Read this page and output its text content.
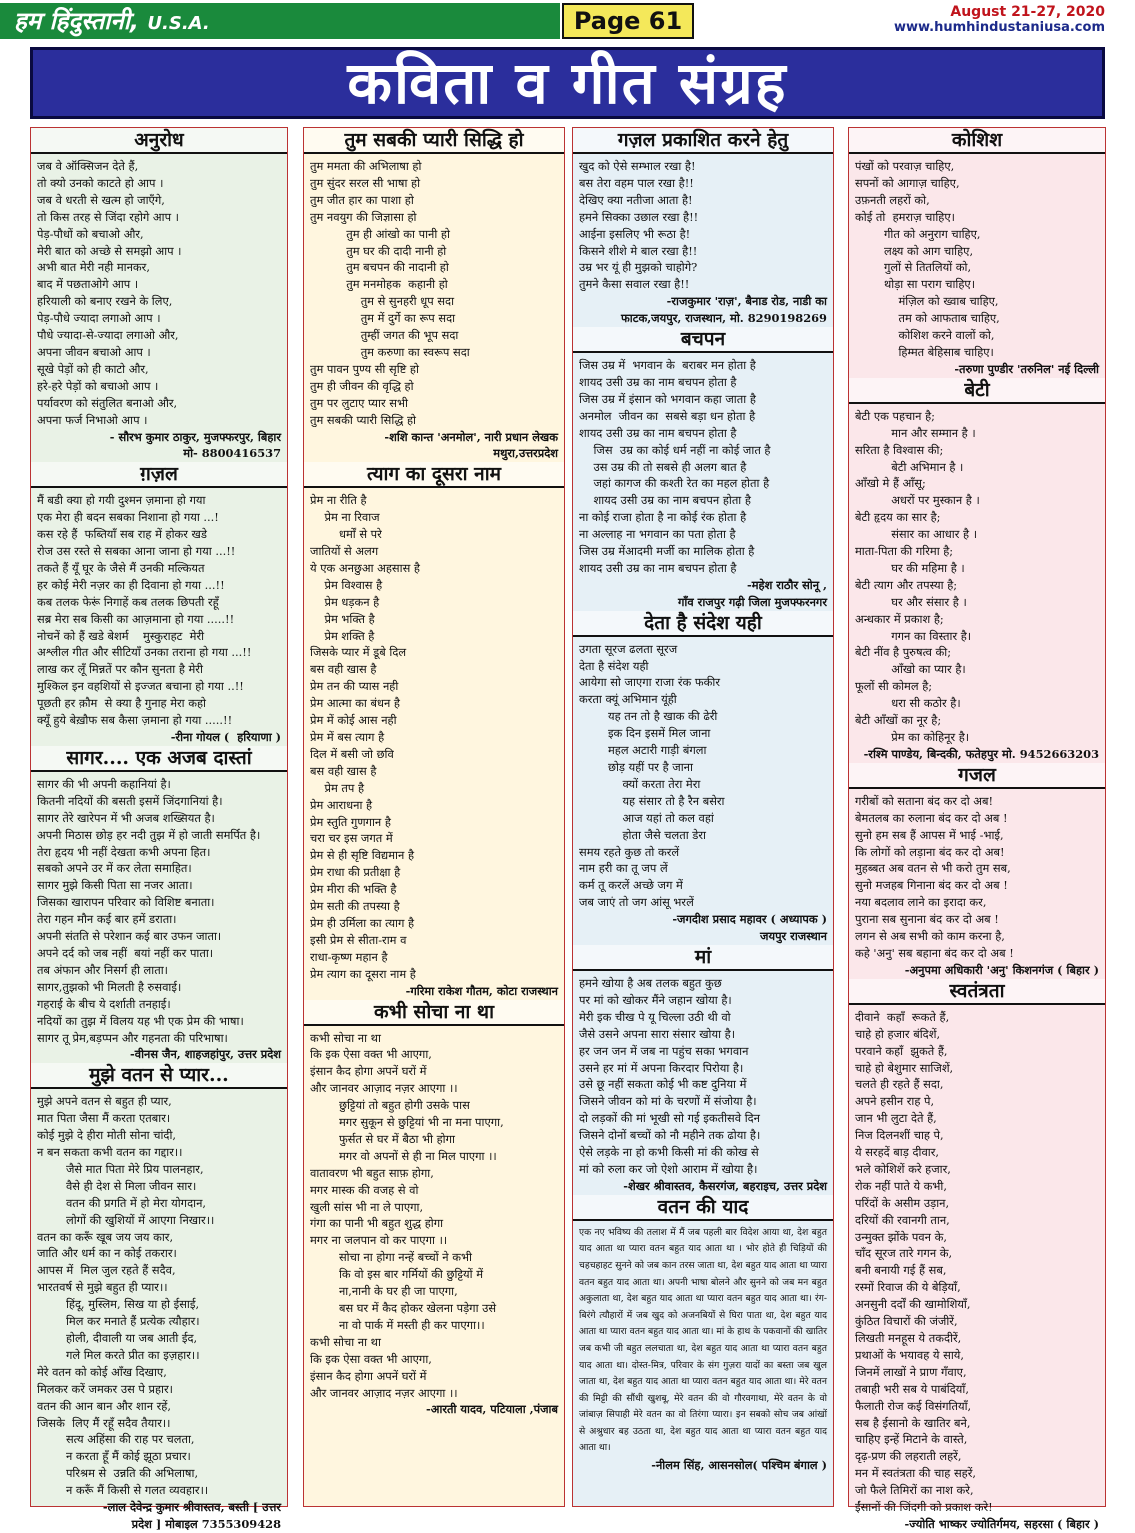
हम हिंदुस्तानी, U.S.A.	Page 61	August 21-27, 2020
www.humhindustaniusa.com
कविता व गीत संग्रह
अनुरोध
जब वे ऑक्सिजन देते हैं,
तो क्यो उनको काटते हो आप ।
जब वे धरती से खत्म हो जाएँगे,
तो किस तरह से जिंदा रहोगे आप ।
पेड़-पौधों को बचाओ और,
मेरी बात को अच्छे से समझो आप ।
अभी बात मेरी नही मानकर,
बाद में पछताओगे आप ।
हरियाली को बनाए रखने के लिए,
पेड़-पौधे ज्यादा लगाओ आप ।
पौधे ज्यादा-से-ज्यादा लगाओ और,
अपना जीवन बचाओ आप ।
सूखे पेड़ों को ही काटो और,
हरे-हरे पेड़ों को बचाओ आप ।
पर्यावरण को संतुलित बनाओ और,
अपना फर्ज निभाओ आप ।
- सौरभ कुमार ठाकुर, मुजफ्फरपुर, बिहार
मो- 8800416537
ग़ज़ल
मैं बडी क्या हो गयी दुश्मन ज़माना हो गया
एक मेरा ही बदन सबका निशाना हो गया ...!
कस रहे हैं  फब्तियाँ सब राह में होकर खडे
रोज उस रस्ते से सबका आना जाना हो गया ...!!
तकते हैं यूँ घूर के जैसे मैं उनकी मल्कियत
हर कोई मेरी नज़र का ही दिवाना हो गया ...!!
कब तलक फेरूं निगाहें कब तलक छिपती रहूँ
सब्र मेरा सब किसी का आज़माना हो गया .....!!
नोचनें को हैं खडे बेशर्म    मुस्कुराहट  मेरी
अश्लील गीत और सीटियाँ उनका तराना हो गया ...!!
लाख कर लूँ मिन्नतें पर कौन सुनता है मेरी
मुश्किल इन वहशियों से इज्जत बचाना हो गया ..!!
पूछती हर क़ौम  से क्या है गुनाह मेरा कहो
क्यूँ हुये बेख़ौफ सब कैसा ज़माना हो गया .....!!
-रीना गोयल (  हरियाणा )
सागर.... एक अजब दास्तां
सागर की भी अपनी कहानियां है।
कितनी नदियों की बसती इसमें जिंदगानियां है।
सागर तेरे खारेपन में भी अजब शख्सियत है।
अपनी मिठास छोड़ हर नदी तुझ में हो जाती समर्पित है।
तेरा हृदय भी नहीं देखता कभी अपना हित।
सबको अपने उर में कर लेता समाहित।
सागर मुझे किसी पिता सा नजर आता।
जिसका खारापन परिवार को विशिष्ट बनाता।
तेरा गहन मौन कई बार हमें डराता।
अपनी संतति से परेशान कई बार उफन जाता।
अपने दर्द को जब नहीं  बयां नहीं कर पाता।
तब अंफान और निसर्ग ही लाता।
सागर,तुझको भी मिलती है रुसवाई।
गहराई के बीच ये दर्शाती तनहाई।
नदियों का तुझ में विलय यह भी एक प्रेम की भाषा।
सागर तू प्रेम,बड़प्पन और गहनता की परिभाषा।
-वीनस जैन, शाहजहांपुर, उत्तर प्रदेश
मुझे वतन से प्यार...
मुझे अपने वतन से बहुत ही प्यार,
मात पिता जैसा मैं करता एतबार।
कोई मुझे दे हीरा मोती सोना चांदी,
न बन सकता कभी वतन का गद्दार।।
जैसे मात पिता मेरे प्रिय पालनहार,
वैसे ही देश से मिला जीवन सार।
वतन की प्रगति में हो मेरा योगदान,
लोगों की खुशियों में आएगा निखार।।
वतन का करूँ खूब जय जय कार,
जाति और धर्म का न कोई तकरार।
आपस में  मिल जुल रहते हैं सदैव,
भारतवर्ष से मुझे बहुत ही प्यार।।
हिंदू, मुस्लिम, सिख या हो ईसाई,
मिल कर मनाते हैं प्रत्येक त्यौहार।
होली, दीवाली या जब आती ईद,
गले मिल करते प्रीत का इज़हार।।
मेरे वतन को कोई आँख दिखाए,
मिलकर करें जमकर उस पे प्रहार।
वतन की आन बान और शान रहें,
जिसके  लिए मैं रहूँ सदैव तैयार।।
सत्य अहिंसा की राह पर चलता,
न करता हूँ मैं कोई झूठा प्रचार।
परिश्रम से  उन्नति की अभिलाषा,
न करूँ मैं किसी से गलत व्यवहार।।
-लाल देवेन्द्र कुमार श्रीवास्तव, बस्ती [ उत्तर
प्रदेश ] मोबाइल 7355309428
तुम सबकी प्यारी सिद्धि हो
तुम ममता की अभिलाषा हो
तुम सुंदर सरल सी भाषा हो
तुम जीत हार का पाशा हो
तुम नवयुग की जिज्ञासा हो
तुम ही आंखो का पानी हो
तुम घर की दादी नानी हो
तुम बचपन की नादानी हो
तुम मनमोहक  कहानी हो
तुम से सुनहरी धूप सदा
तुम में दुर्गे का रूप सदा
तुम्हीं जगत की भूप सदा
तुम करुणा का स्वरूप सदा
तुम पावन पुण्य सी सृष्टि हो
तुम ही जीवन की वृद्धि हो
तुम पर लुटाए प्यार सभी
तुम सबकी प्यारी सिद्धि हो
-शशि कान्त 'अनमोल', नारी प्रधान लेखक
मथुरा,उत्तरप्रदेश
त्याग का दूसरा नाम
प्रेम ना रीति है
प्रेम ना रिवाज
धर्मों से परे
जातियों से अलग
ये एक अनछुआ अहसास है
प्रेम विश्वास है
प्रेम धड़कन है
प्रेम भक्ति है
प्रेम शक्ति है
जिसके प्यार में डूबे दिल
बस वही खास है
प्रेम तन की प्यास नही
प्रेम आत्मा का बंधन है
प्रेम में कोई आस नही
प्रेम में बस त्याग है
दिल में बसी जो छवि
बस वही खास है
प्रेम तप है
प्रेम आराधना है
प्रेम स्तुति गुणगान है
चरा चर इस जगत में
प्रेम से ही सृष्टि विद्यमान है
प्रेम राधा की प्रतीक्षा है
प्रेम मीरा की भक्ति है
प्रेम सती की तपस्या है
प्रेम ही उर्मिला का त्याग है
इसी प्रेम से सीता-राम व
राधा-कृष्ण महान है
प्रेम त्याग का दूसरा नाम है
-गरिमा राकेश गौतम, कोटा राजस्थान
कभी सोचा ना था
कभी सोचा ना था
कि इक ऐसा वक्त भी आएगा,
इंसान कैद होगा अपनें घरों में
और जानवर आज़ाद नज़र आएगा ।।
छुट्टियां तो बहुत होगी उसके पास
मगर सुकून से छुट्टियां भी ना मना पाएगा,
फुर्सत से घर में बैठा भी होगा
मगर वो अपनों से ही ना मिल पाएगा ।।
वातावरण भी बहुत साफ़ होगा,
मगर मास्क की वजह से वो
खुली सांस भी ना ले पाएगा,
गंगा का पानी भी बहुत शुद्ध होगा
मगर ना जलपान वो कर पाएगा ।।
सोचा ना होगा नन्हें बच्चों ने कभी
कि वो इस बार गर्मियों की छुट्टियों में
ना,नानी के घर ही जा पाएगा,
बस घर में कैद होकर खेलना पड़ेगा उसे
ना वो पार्क में मस्ती ही कर पाएगा।।
कभी सोचा ना था
कि इक ऐसा वक्त भी आएगा,
इंसान कैद होगा अपनें घरों में
और जानवर आज़ाद नज़र आएगा ।।
-आरती यादव, पटियाला ,पंजाब
गज़ल प्रकाशित करने हेतु
खुद को ऐसे सम्भाल रखा है!
बस तेरा वहम पाल रखा है!!
देखिए क्या नतीजा आता है!
हमने सिक्का उछाल रखा है!!
आईना इसलिए भी रूठा है!
किसने शीशे मे बाल रखा है!!
उम्र भर यूं ही मुझको चाहोगे?
तुमने कैसा सवाल रखा है!!
-राजकुमार 'राज़', बैनाड रोड, नाडी का
फाटक,जयपुर, राजस्थान, मो. 8290198269
बचपन
जिस उम्र में  भगवान के  बराबर मन होता है
शायद उसी उम्र का नाम बचपन होता है
जिस उम्र में इंसान को भगवान कहा जाता है
अनमोल  जीवन का  सबसे बड़ा धन होता है
शायद उसी उम्र का नाम बचपन होता है
जिस  उम्र का कोई धर्म नहीं ना कोई जात है
उस उम्र की तो सबसे ही अलग बात है
जहां कागज की कश्ती रेत का महल होता है
शायद उसी उम्र का नाम बचपन होता है
ना कोई राजा होता है ना कोई रंक होता है
ना अल्लाह ना भगवान का पता होता है
जिस उम्र मेंआदमी मर्जी का मालिक होता है
शायद उसी उम्र का नाम बचपन होता है
-महेश राठौर सोनू ,
गाँव राजपुर गढ़ी जिला मुजफ्फरनगर
देता है संदेश यही
उगता सूरज ढलता सूरज
देता है संदेश यही
आयेगा सो जाएगा राजा रंक फकीर
करता क्यूं अभिमान यूंही
यह तन तो है खाक की ढेरी
इक दिन इसमें मिल जाना
महल अटारी गाड़ी बंगला
छोड़ यहीं पर है जाना
क्यों करता तेरा मेरा
यह संसार तो है रैन बसेरा
आज यहां तो कल वहां
होता जैसे चलता डेरा
समय रहते कुछ तो करलें
नाम हरी का तू जप लें
कर्म तू करलें अच्छे जग में
जब जाएं तो जग आंसू भरलें
-जगदीश प्रसाद महावर ( अध्यापक )
जयपुर राजस्थान
मां
हमने खोया है अब तलक बहुत कुछ
पर मां को खोकर मैंने जहान खोया है।
मेरी इक चीख पे यू चिल्ला उठी थी वो
जैसे उसने अपना सारा संसार खोया है।
हर जन जन में जब ना पहुंच सका भगवान
उसने हर मां में अपना किरदार पिरोया है।
उसे छू नहीं सकता कोई भी कष्ट दुनिया में
जिसने जीवन को मां के चरणों में संजोया है।
दो लड़कों की मां भूखी सो गई इकतीसवे दिन
जिसने दोनों बच्चों को नौ महीने तक ढोया है।
ऐसे लड़के ना हो कभी किसी मां की कोख से
मां को रुला कर जो ऐशो आराम में खोया है।
-शेखर श्रीवास्तव, कैसरगंज, बहराइच, उत्तर प्रदेश
वतन की याद
एक नए भविष्य की तलाश में मैं जब पहली बार विदेश आया था, देश बहुत याद आता था प्यारा वतन बहुत याद आता था । भोर होते ही चिड़ियों की चहचहाहट सुनने को जब कान तरस जाता था, देश बहुत याद आता था प्यारा वतन बहुत याद आता था। अपनी भाषा बोलने और सुनने को जब मन बहुत अकुलाता था, देश बहुत याद आता था प्यारा वतन बहुत याद आता था। रंग-बिरंगे त्यौहारों में जब खुद को अजनबियों से घिरा पाता था, देश बहुत याद आता था प्यारा वतन बहुत याद आता था। मां के हाथ के पकवानों की खातिर जब कभी जी बहुत ललचाता था, देश बहुत याद आता था प्यारा वतन बहुत याद आता था। दोस्त-मित्र, परिवार के संग गुज़रा यादों का बस्ता जब खुल जाता था, देश बहुत याद आता था प्यारा वतन बहुत याद आता था। मेरे वतन की मिट्टी की सौंधी खुशबू, मेरे वतन की वो गौरवगाथा, मेरे वतन के वो जांबाज़ सिपाही मेरे वतन का वो तिरंगा प्यारा। इन सबको सोच जब आंखों से अश्रुधार बह उठता था, देश बहुत याद आता था प्यारा वतन बहुत याद आता था।
-नीलम सिंह, आसनसोल( पश्चिम बंगाल )
कोशिश
पंखों को परवाज़ चाहिए,
सपनों को आगाज़ चाहिए,
उफ़नती लहरों को,
कोई तो  हमराज़ चाहिए।
गीत को अनुराग चाहिए,
लक्ष्य को आग चाहिए,
गुलों से तितलियों को,
थोड़ा सा पराग चाहिए।
मंज़िल को ख्वाब चाहिए,
तम को आफताब चाहिए,
कोशिश करने वालों को,
हिम्मत बेहिसाब चाहिए।
-तरुणा पुण्डीर 'तरुनिल' नई दिल्ली
बेटी
बेटी एक पहचान है;
मान और सम्मान है ।
सरिता है विश्वास की;
बेटी अभिमान है ।
आँखो मे हैं आँसू;
अधरों पर मुस्कान है ।
बेटी हृदय का सार है;
संसार का आधार है ।
माता-पिता की गरिमा है;
घर की महिमा है ।
बेटी त्याग और तपस्या है;
घर और संसार है ।
अन्धकार में प्रकाश है;
गगन का विस्तार है।
बेटी नींव है पुरुषत्व की;
आँखो का प्यार है।
फूलों सी कोमल है;
धरा सी कठोर है।
बेटी आँखों का नूर है;
प्रेम का कोहिनूर है।
-रश्मि पाण्डेय, बिन्दकी, फतेहपुर मो. 9452663203
गजल
गरीबों को सताना बंद कर दो अब!
बेमतलब का रुलाना बंद कर दो अब !
सुनो हम सब हैं आपस में भाई -भाई,
कि लोगों को लड़ाना बंद कर दो अब!
मुहब्बत अब वतन से भी करो तुम सब,
सुनो मजहब गिनाना बंद कर दो अब !
नया बदलाव लाने का इरादा कर,
पुराना सब सुनाना बंद कर दो अब !
लगन से अब सभी को काम करना है,
कहे 'अनु' सब बहाना बंद कर दो अब !
-अनुपमा अधिकारी 'अनु' किशनगंज ( बिहार )
स्वतंत्रता
दीवाने  कहाँ  रूकते हैं,
चाहे हो हजार बंदिशें,
परवाने कहाँ  झुकते हैं,
चाहे हो बेशुमार साजिशें,
चलते ही रहते हैं सदा,
अपने हसीन राह पे,
जान भी लुटा देते हैं,
निज दिलनशीं चाह पे,
ये सरहदें बाड़ दीवार,
भले कोशिशें करे हजार,
रोक नहीं पाते ये कभी,
परिंदों के असीम उड़ान,
दरियों की रवानगी तान,
उन्मुक्त झोंके पवन के,
चाँद सूरज तारे गगन के,
बनी बनायी गई हैं सब,
रस्मों रिवाज की ये बेड़ियाँ,
अनसुनी दर्दों की खामोशियाँ,
कुंठित विचारों की जंजीरें,
लिखती मनहूस ये तकदीरें,
प्रथाओं के भयावह ये साये,
जिनमें लाखों ने प्राण गँवाए,
तबाही भरी सब ये पाबंदियाँ,
फैलाती रोज कई विसंगतियाँ,
सब है ईसानो के खातिर बने,
चाहिए इन्हें मिटाने के वास्ते,
दृढ़-प्रण की लहराती लहरें,
मन में स्वतंत्रता की चाह सहरें,
जो फैले तिमिरों का नाश करे,
ईंसानों की जिंदगी को प्रकाश करे!
-ज्योति भाष्कर ज्योतिर्गमय, सहरसा ( बिहार )
